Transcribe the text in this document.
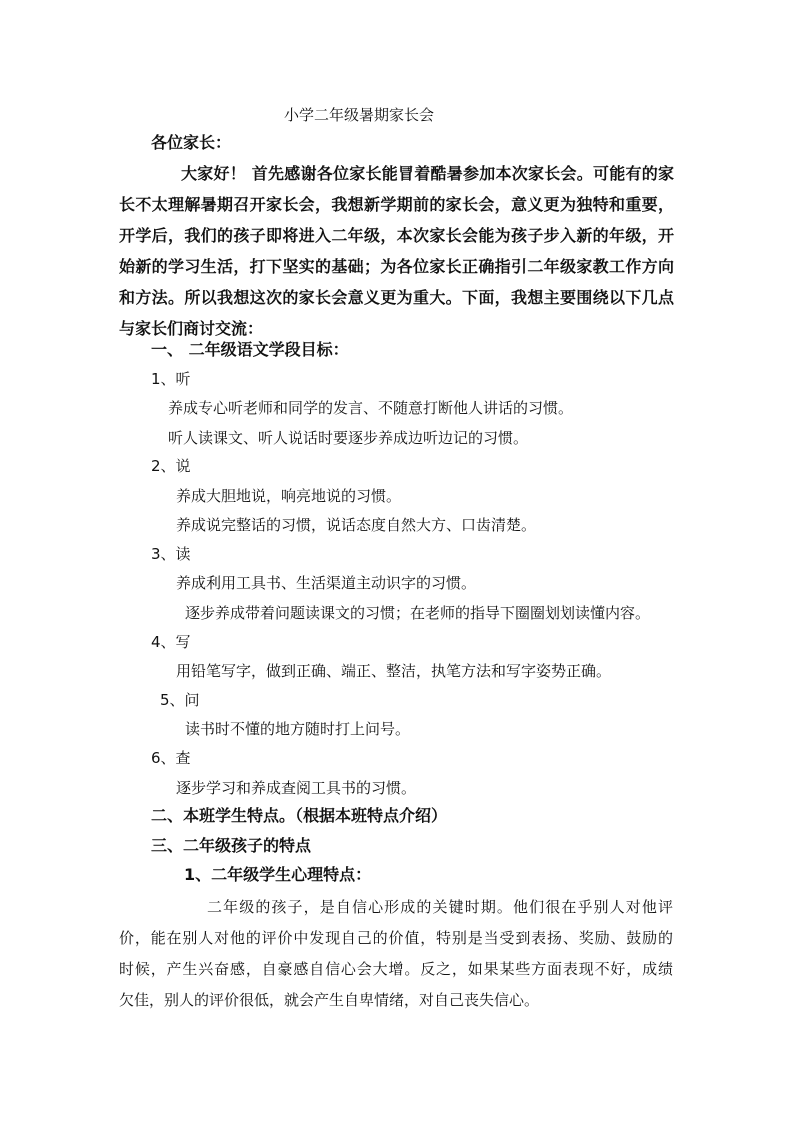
小学二年级暑期家长会
各位家长：
大家好！ 首先感谢各位家长能冒着酷暑参加本次家长会。可能有的家
长不太理解暑期召开家长会，我想新学期前的家长会，意义更为独特和重要，
开学后，我们的孩子即将进入二年级，本次家长会能为孩子步入新的年级，开
始新的学习生活，打下坚实的基础；为各位家长正确指引二年级家教工作方向
和方法。所以我想这次的家长会意义更为重大。下面，我想主要围绕以下几点
与家长们商讨交流：
一、 二年级语文学段目标：
1、听
养成专心听老师和同学的发言、不随意打断他人讲话的习惯。
听人读课文、听人说话时要逐步养成边听边记的习惯。
2、说
养成大胆地说，响亮地说的习惯。
养成说完整话的习惯，说话态度自然大方、口齿清楚。
3、读
养成利用工具书、生活渠道主动识字的习惯。
逐步养成带着问题读课文的习惯；在老师的指导下圈圈划划读懂内容。
4、写
用铅笔写字，做到正确、端正、整洁，执笔方法和写字姿势正确。
5、问
读书时不懂的地方随时打上问号。
6、查
逐步学习和养成查阅工具书的习惯。
二、本班学生特点。（根据本班特点介绍）
三、二年级孩子的特点
1、二年级学生心理特点：
二年级的孩子，是自信心形成的关键时期。他们很在乎别人对他评
价，能在别人对他的评价中发现自己的价值，特别是当受到表扬、奖励、鼓励的
时候，产生兴奋感，自豪感自信心会大增。反之，如果某些方面表现不好，成绩
欠佳，别人的评价很低，就会产生自卑情绪，对自己丧失信心。
